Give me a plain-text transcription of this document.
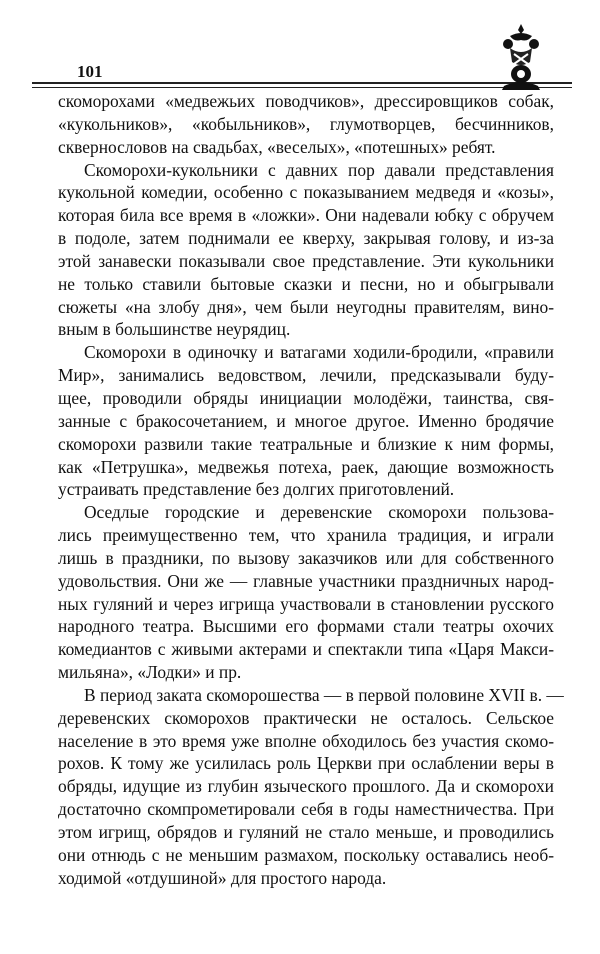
101
скоморохами «медвежьих поводчиков», дрессировщиков собак,
«кукольников», «кобыльников», глумотворцев, бесчинников,
сквернословов на свадьбах, «веселых», «потешных» ребят.
Скоморохи-кукольники с давних пор давали представления
кукольной комедии, особенно с показыванием медведя и «козы»,
которая била все время в «ложки». Они надевали юбку с обручем
в подоле, затем поднимали ее кверху, закрывая голову, и из-за
этой занавески показывали свое представление. Эти кукольники
не только ставили бытовые сказки и песни, но и обыгрывали
сюжеты «на злобу дня», чем были неугодны правителям, вино-
вным в большинстве неурядиц.
Скоморохи в одиночку и ватагами ходили-бродили, «правили
Мир», занимались ведовством, лечили, предсказывали буду-
щее, проводили обряды инициации молодёжи, таинства, свя-
занные с бракосочетанием, и многое другое. Именно бродячие
скоморохи развили такие театральные и близкие к ним формы,
как «Петрушка», медвежья потеха, раек, дающие возможность
устраивать представление без долгих приготовлений.
Оседлые городские и деревенские скоморохи пользова-
лись преимущественно тем, что хранила традиция, и играли
лишь в праздники, по вызову заказчиков или для собственного
удовольствия. Они же — главные участники праздничных народ-
ных гуляний и через игрища участвовали в становлении русского
народного театра. Высшими его формами стали театры охочих
комедиантов с живыми актерами и спектакли типа «Царя Макси-
мильяна», «Лодки» и пр.
В период заката скоморошества — в первой половине XVII в. —
деревенских скоморохов практически не осталось. Сельское
население в это время уже вполне обходилось без участия скомо-
рохов. К тому же усилилась роль Церкви при ослаблении веры в
обряды, идущие из глубин языческого прошлого. Да и скоморохи
достаточно скомпрометировали себя в годы наместничества. При
этом игрищ, обрядов и гуляний не стало меньше, и проводились
они отнюдь с не меньшим размахом, поскольку оставались необ-
ходимой «отдушиной» для простого народа.
